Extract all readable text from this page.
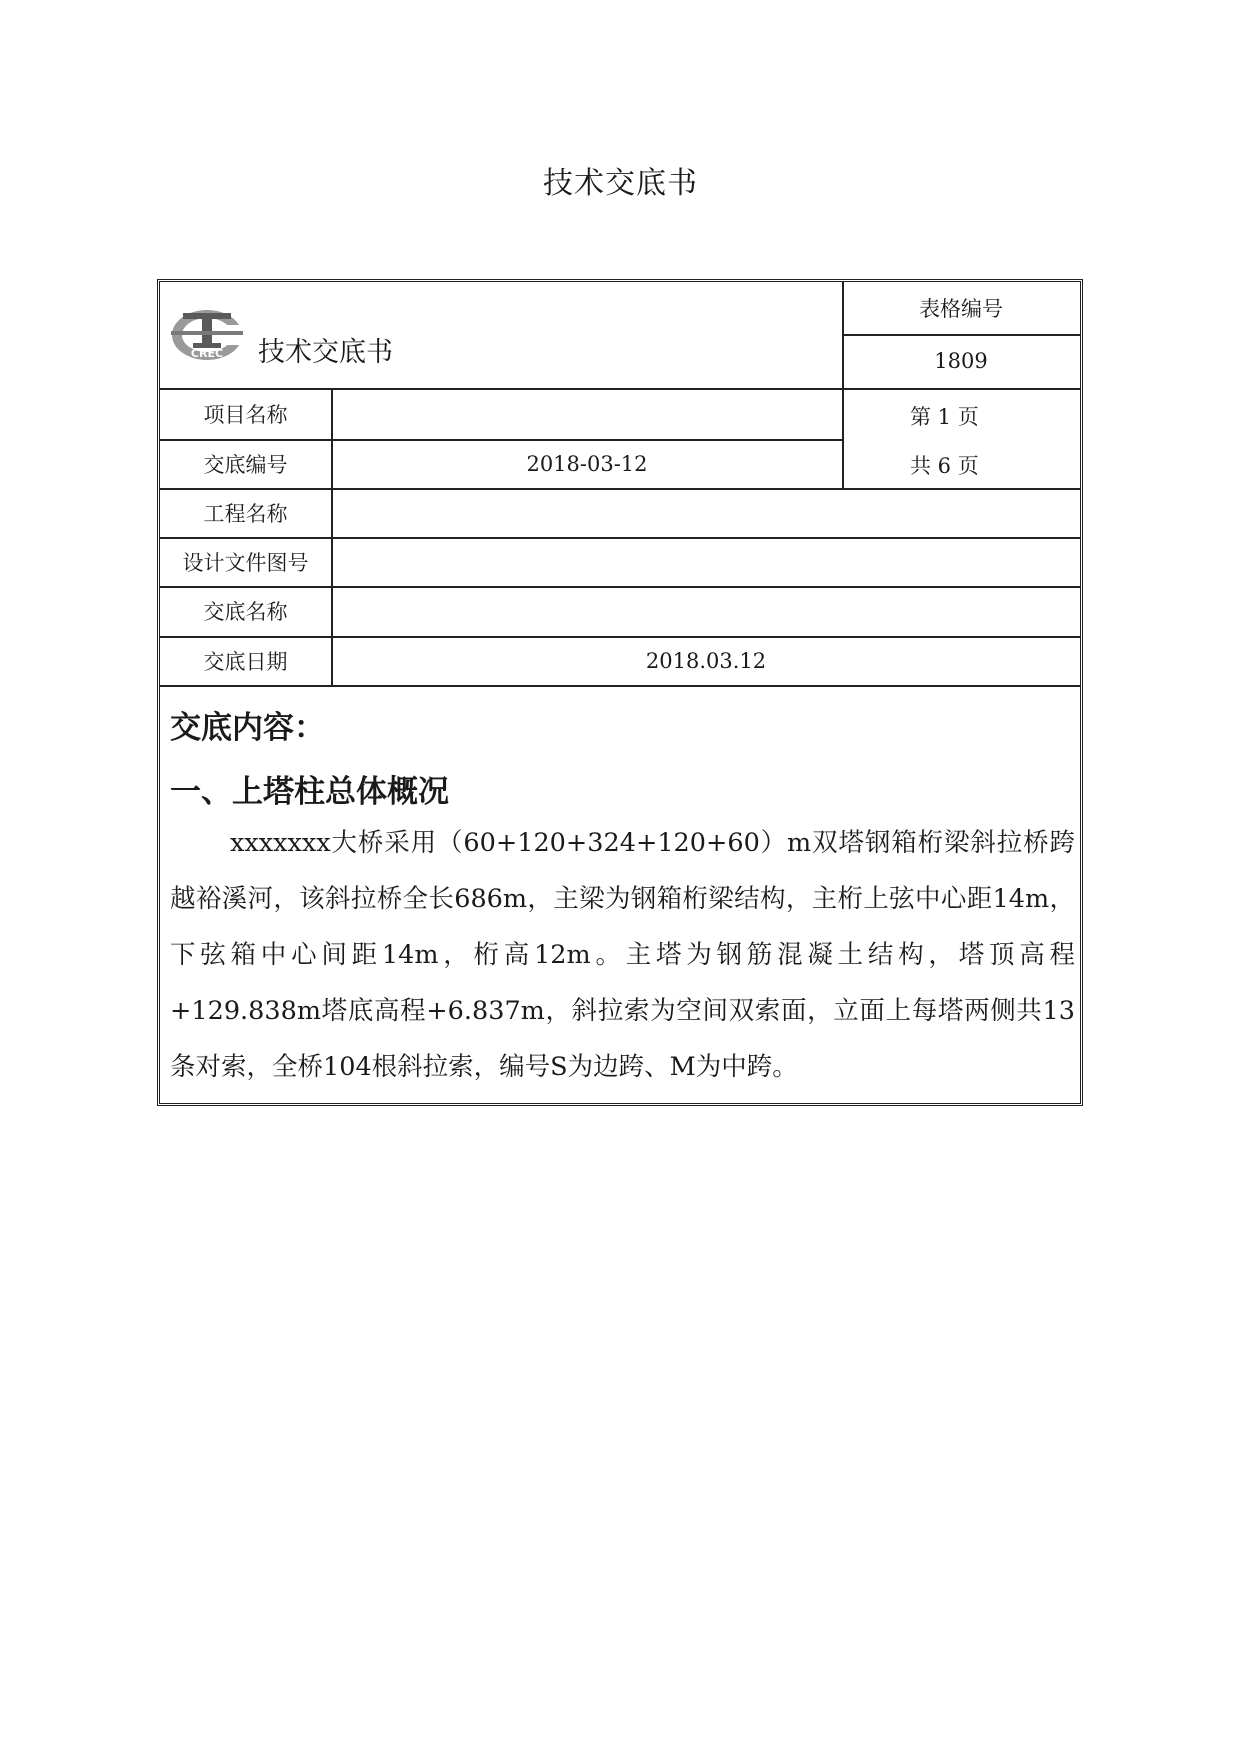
技术交底书
CREC 技术交底书
表格编号
1809
第 1 页
共 6 页
项目名称
交底编号
工程名称
设计文件图号
交底名称
交底日期
2018-03-12
2018.03.12
交底内容：
一、上塔柱总体概况
xxxxxxx大桥采用（60+120+324+120+60）m双塔钢箱桁梁斜拉桥跨越裕溪河，该斜拉桥全长686m，主梁为钢箱桁梁结构，主桁上弦中心距14m，下弦箱中心间距14m，桁高12m。主塔为钢筋混凝土结构，塔顶高程+129.838m塔底高程+6.837m，斜拉索为空间双索面，立面上每塔两侧共13条对索，全桥104根斜拉索，编号S为边跨、M为中跨。
